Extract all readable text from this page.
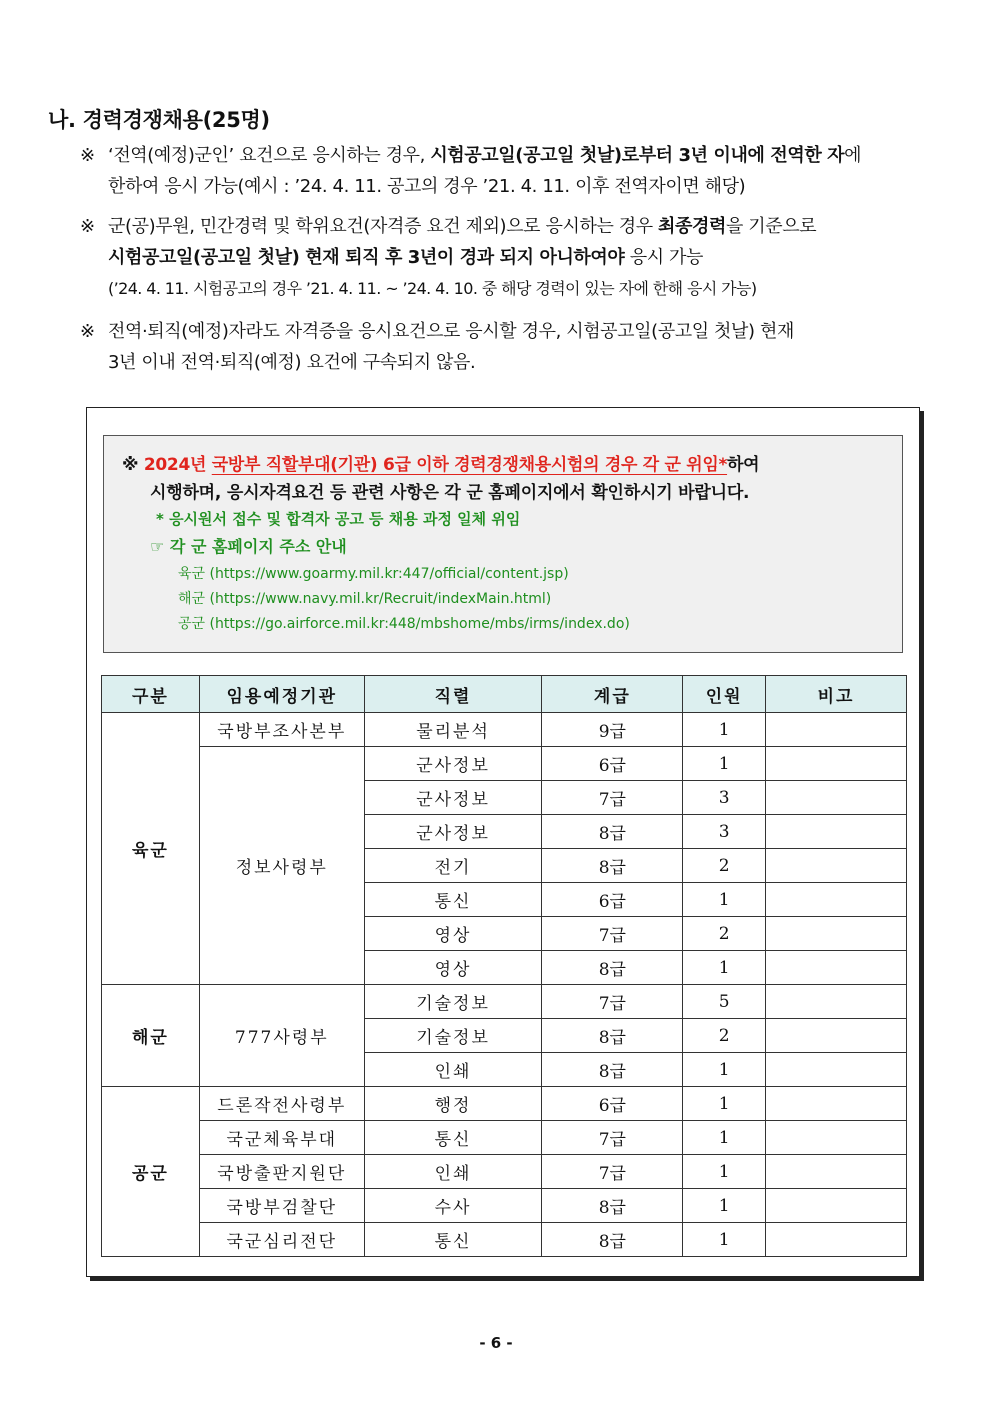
나. 경력경쟁채용(25명)
※ ‘전역(예정)군인’ 요건으로 응시하는 경우, 시험공고일(공고일 첫날)로부터 3년 이내에 전역한 자에
한하여 응시 가능(예시 : ’24. 4. 11. 공고의 경우 ’21. 4. 11. 이후 전역자이면 해당)
※ 군(공)무원, 민간경력 및 학위요건(자격증 요건 제외)으로 응시하는 경우 최종경력을 기준으로
시험공고일(공고일 첫날) 현재 퇴직 후 3년이 경과 되지 아니하여야 응시 가능
(’24. 4. 11. 시험공고의 경우 ’21. 4. 11. ~ ’24. 4. 10. 중 해당 경력이 있는 자에 한해 응시 가능)
※ 전역·퇴직(예정)자라도 자격증을 응시요건으로 응시할 경우, 시험공고일(공고일 첫날) 현재
3년 이내 전역·퇴직(예정) 요건에 구속되지 않음.
※ 2024년 국방부 직할부대(기관) 6급 이하 경력경쟁채용시험의 경우 각 군 위임*하여
시행하며, 응시자격요건 등 관련 사항은 각 군 홈페이지에서 확인하시기 바랍니다.
* 응시원서 접수 및 합격자 공고 등 채용 과정 일체 위임
☞ 각 군 홈페이지 주소 안내
육군 (https://www.goarmy.mil.kr:447/official/content.jsp)
해군 (https://www.navy.mil.kr/Recruit/indexMain.html)
공군 (https://go.airforce.mil.kr:448/mbshome/mbs/irms/index.do)
구분	임용예정기관	직렬	계급	인원	비고
육군	국방부조사본부	물리분석	9급	1	
	정보사령부	군사정보	6급	1	
		군사정보	7급	3	
		군사정보	8급	3	
		전기	8급	2	
		통신	6급	1	
		영상	7급	2	
		영상	8급	1	
해군	777사령부	기술정보	7급	5	
		기술정보	8급	2	
		인쇄	8급	1	
공군	드론작전사령부	행정	6급	1	
	국군체육부대	통신	7급	1	
	국방출판지원단	인쇄	7급	1	
	국방부검찰단	수사	8급	1	
	국군심리전단	통신	8급	1	
- 6 -
